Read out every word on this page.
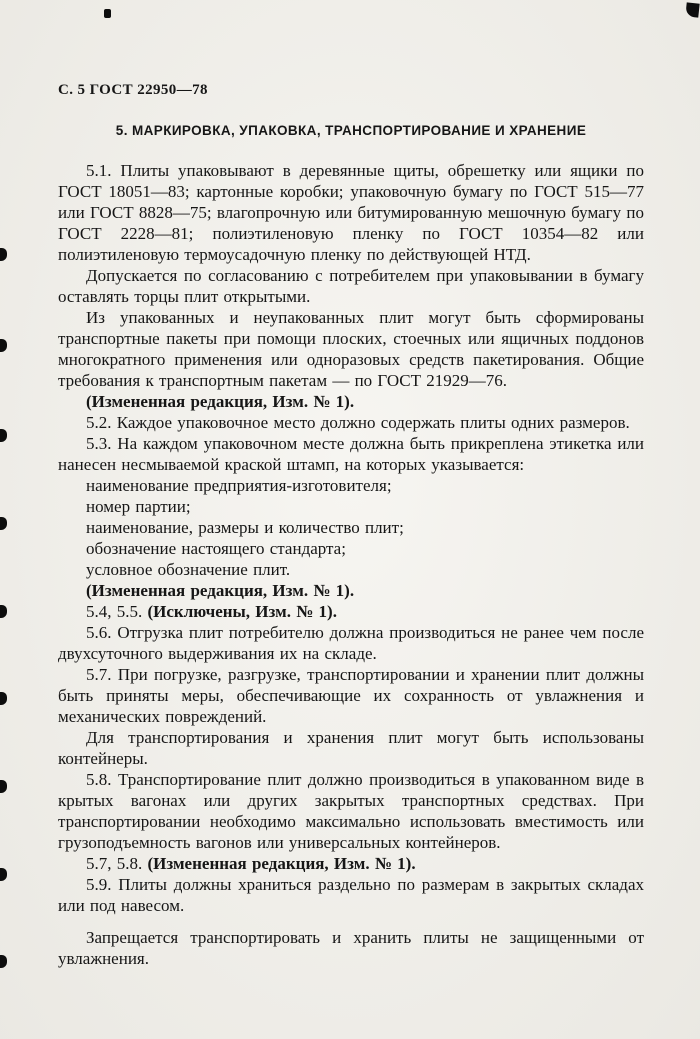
С. 5 ГОСТ 22950—78
5. МАРКИРОВКА, УПАКОВКА, ТРАНСПОРТИРОВАНИЕ И ХРАНЕНИЕ

5.1. Плиты упаковывают в деревянные щиты, обрешетку или ящики по ГОСТ 18051—83; картонные коробки; упаковочную бумагу по ГОСТ 515—77 или ГОСТ 8828—75; влагопрочную или битумированную мешочную бумагу по ГОСТ 2228—81; полиэтиленовую пленку по ГОСТ 10354—82 или полиэтиленовую термоусадочную пленку по действующей НТД.

Допускается по согласованию с потребителем при упаковывании в бумагу оставлять торцы плит открытыми.

Из упакованных и неупакованных плит могут быть сформированы транспортные пакеты при помощи плоских, стоечных или ящичных поддонов многократного применения или одноразовых средств пакетирования. Общие требования к транспортным пакетам — по ГОСТ 21929—76.

(Измененная редакция, Изм. № 1).

5.2. Каждое упаковочное место должно содержать плиты одних размеров.

5.3. На каждом упаковочном месте должна быть прикреплена этикетка или нанесен несмываемой краской штамп, на которых указывается:

наименование предприятия-изготовителя;

номер партии;

наименование, размеры и количество плит;

обозначение настоящего стандарта;

условное обозначение плит.

(Измененная редакция, Изм. № 1).

5.4, 5.5. (Исключены, Изм. № 1).

5.6. Отгрузка плит потребителю должна производиться не ранее чем после двухсуточного выдерживания их на складе.

5.7. При погрузке, разгрузке, транспортировании и хранении плит должны быть приняты меры, обеспечивающие их сохранность от увлажнения и механических повреждений.

Для транспортирования и хранения плит могут быть использованы контейнеры.

5.8. Транспортирование плит должно производиться в упакованном виде в крытых вагонах или других закрытых транспортных средствах. При транспортировании необходимо максимально использовать вместимость или грузоподъемность вагонов или универсальных контейнеров.

5.7, 5.8. (Измененная редакция, Изм. № 1).

5.9. Плиты должны храниться раздельно по размерам в закрытых складах или под навесом.

Запрещается транспортировать и хранить плиты не защищенными от увлажнения.
